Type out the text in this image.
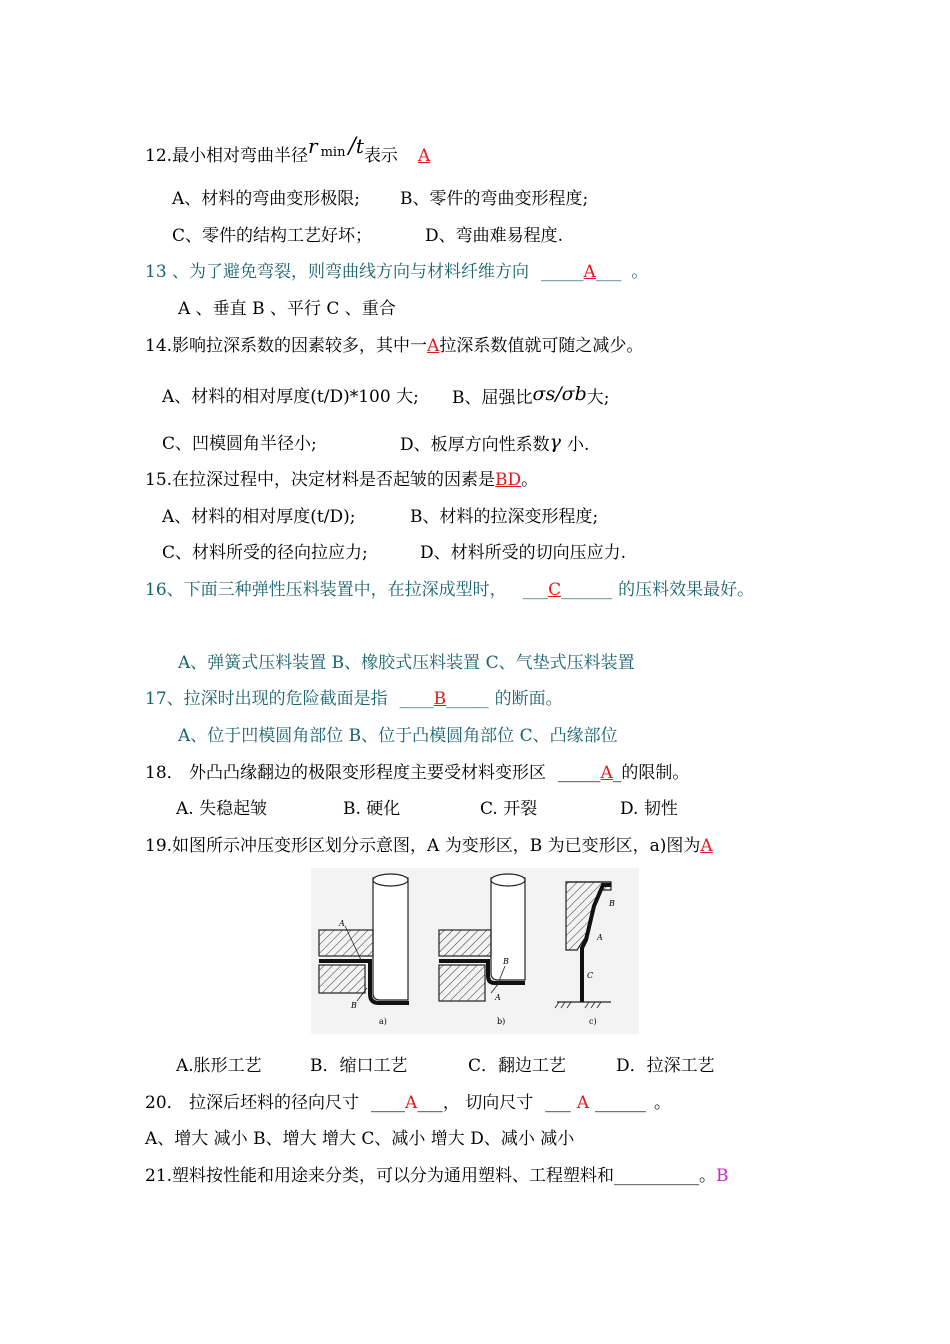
12.最小相对弯曲半径r $^{min}$ /t表示 A
A、材料的弯曲变形极限; B、零件的弯曲变形程度;
C、零件的结构工艺好坏；	D、弯曲难易程度.
13 、为了避免弯裂，则弯曲线方向与材料纤维方向 _____A___ 。
A 、垂直 B 、平行 C 、重合
14.影响拉深系数的因素较多，其中一A拉深系数值就可随之减少。
A、材料的相对厚度(t/D)*100 大; B、屈强比σs/σb大;
C、凹模圆角半径小;	D、板厚方向性系数γ 小.
15.在拉深过程中，决定材料是否起皱的因素是BD。
A、材料的相对厚度(t/D);	B、材料的拉深变形程度;
C、材料所受的径向拉应力;	D、材料所受的切向压应力.
16、下面三种弹性压料装置中，在拉深成型时， ___C______ 的压料效果最好。
A、弹簧式压料装置 B、橡胶式压料装置 C、气垫式压料装置
17、拉深时出现的危险截面是指 ____B_____ 的断面。
A、位于凹模圆角部位 B、位于凸模圆角部位 C、凸缘部位
18． 外凸凸缘翻边的极限变形程度主要受材料变形区 _____A_的限制。
A. 失稳起皱	B. 硬化	C. 开裂	D. 韧性
19.如图所示冲压变形区划分示意图，A 为变形区，B 为已变形区，a)图为A
A
B
a)
B
A
b)
B
A
C
c)
A.胀形工艺	B．缩口工艺	C．翻边工艺	D．拉深工艺
20． 拉深后坯料的径向尺寸 ____A___， 切向尺寸 ___ A ______ 。
A、增大 减小 B、增大 增大 C、减小 增大 D、减小 减小
21.塑料按性能和用途来分类，可以分为通用塑料、工程塑料和__________。B
